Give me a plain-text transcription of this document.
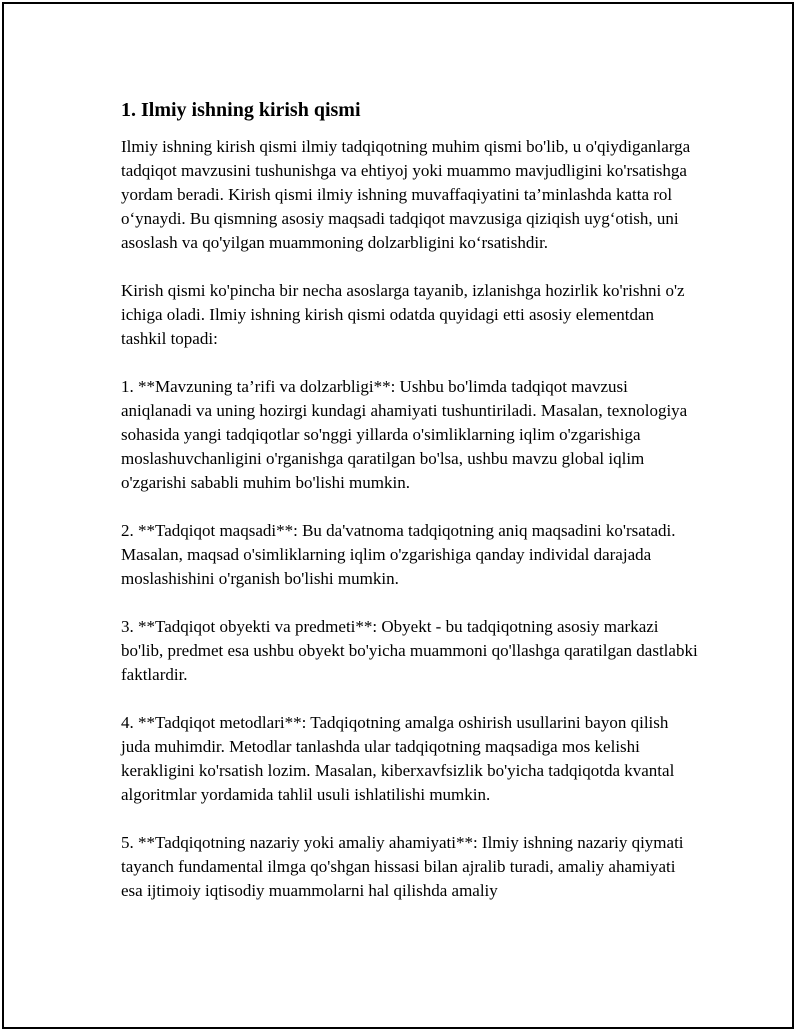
1. Ilmiy ishning kirish qismi

Ilmiy ishning kirish qismi ilmiy tadqiqotning muhim qismi bo'lib, u o'qiydiganlarga tadqiqot mavzusini tushunishga va ehtiyoj yoki muammo mavjudligini ko'rsatishga yordam beradi. Kirish qismi ilmiy ishning muvaffaqiyatini ta’minlashda katta rol o‘ynaydi. Bu qismning asosiy maqsadi tadqiqot mavzusiga qiziqish uyg‘otish, uni asoslash va qo'yilgan muammoning dolzarbligini ko‘rsatishdir.

Kirish qismi ko'pincha bir necha asoslarga tayanib, izlanishga hozirlik ko'rishni o'z ichiga oladi. Ilmiy ishning kirish qismi odatda quyidagi etti asosiy elementdan tashkil topadi:

1. **Mavzuning ta’rifi va dolzarbligi**: Ushbu bo'limda tadqiqot mavzusi aniqlanadi va uning hozirgi kundagi ahamiyati tushuntiriladi. Masalan, texnologiya sohasida yangi tadqiqotlar so'nggi yillarda o'simliklarning iqlim o'zgarishiga moslashuvchanligini o'rganishga qaratilgan bo'lsa, ushbu mavzu global iqlim o'zgarishi sababli muhim bo'lishi mumkin.

2. **Tadqiqot maqsadi**: Bu da'vatnoma tadqiqotning aniq maqsadini ko'rsatadi. Masalan, maqsad o'simliklarning iqlim o'zgarishiga qanday individal darajada moslashishini o'rganish bo'lishi mumkin.

3. **Tadqiqot obyekti va predmeti**: Obyekt - bu tadqiqotning asosiy markazi bo'lib, predmet esa ushbu obyekt bo'yicha muammoni qo'llashga qaratilgan dastlabki faktlardir.

4. **Tadqiqot metodlari**: Tadqiqotning amalga oshirish usullarini bayon qilish juda muhimdir. Metodlar tanlashda ular tadqiqotning maqsadiga mos kelishi kerakligini ko'rsatish lozim. Masalan, kiberxavfsizlik bo'yicha tadqiqotda kvantal algoritmlar yordamida tahlil usuli ishlatilishi mumkin.

5. **Tadqiqotning nazariy yoki amaliy ahamiyati**: Ilmiy ishning nazariy qiymati tayanch fundamental ilmga qo'shgan hissasi bilan ajralib turadi, amaliy ahamiyati esa ijtimoiy iqtisodiy muammolarni hal qilishda amaliy
